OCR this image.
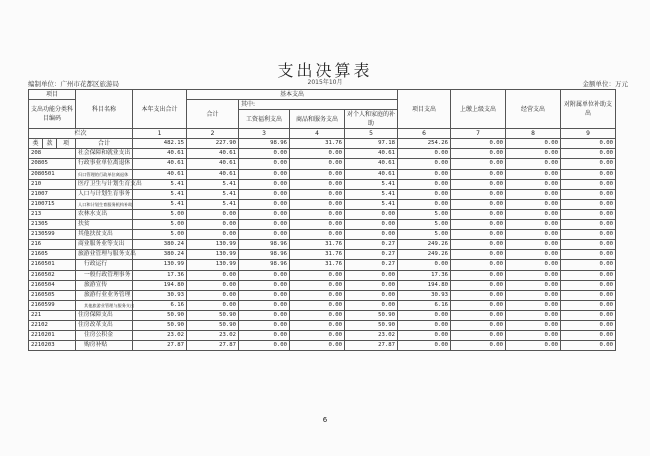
支出决算表
2015年10月
编制单位：广州市花都区旅游局	金额单位：万元
项目			科目名称	本年支出合计	基本支出				项目支出	上缴上级支出	经营支出	对附属单位补助支出
支出功能分类科目编码					合计	其中:						
						工资福利支出	商品和服务支出	对个人和家庭的补助				

栏次				1	2	3	4	5	6	7	8	9
类	款	项	合计	482.15	227.90	98.96	31.76	97.18	254.26	0.00	0.00	0.00
208			社会保障和就业支出	40.61	40.61	0.00	0.00	40.61	0.00	0.00	0.00	0.00
20805			行政事业单位离退休	40.61	40.61	0.00	0.00	40.61	0.00	0.00	0.00	0.00
2080501			归口管理的行政单位离退休	40.61	40.61	0.00	0.00	40.61	0.00	0.00	0.00	0.00
210			医疗卫生与计划生育支出	5.41	5.41	0.00	0.00	5.41	0.00	0.00	0.00	0.00
21007			人口与计划生育事务	5.41	5.41	0.00	0.00	5.41	0.00	0.00	0.00	0.00
2100715			人口和计划生育服务机构补助	5.41	5.41	0.00	0.00	5.41	0.00	0.00	0.00	0.00
213			农林水支出	5.00	0.00	0.00	0.00	0.00	5.00	0.00	0.00	0.00
21305			扶贫	5.00	0.00	0.00	0.00	0.00	5.00	0.00	0.00	0.00
2130599			其他扶贫支出	5.00	0.00	0.00	0.00	0.00	5.00	0.00	0.00	0.00
216			商业服务业等支出	380.24	130.99	98.96	31.76	0.27	249.26	0.00	0.00	0.00
21605			旅游业管理与服务支出	380.24	130.99	98.96	31.76	0.27	249.26	0.00	0.00	0.00
2160501			行政运行	130.99	130.99	98.96	31.76	0.27	0.00	0.00	0.00	0.00
2160502			一般行政管理事务	17.36	0.00	0.00	0.00	0.00	17.36	0.00	0.00	0.00
2160504			旅游宣传	194.80	0.00	0.00	0.00	0.00	194.80	0.00	0.00	0.00
2160505			旅游行业业务管理	30.93	0.00	0.00	0.00	0.00	30.93	0.00	0.00	0.00
2160599			其他旅游业管理与服务支出	6.16	0.00	0.00	0.00	0.00	6.16	0.00	0.00	0.00
221			住房保障支出	50.90	50.90	0.00	0.00	50.90	0.00	0.00	0.00	0.00
22102			住房改革支出	50.90	50.90	0.00	0.00	50.90	0.00	0.00	0.00	0.00
2210201			住房公积金	23.02	23.02	0.00	0.00	23.02	0.00	0.00	0.00	0.00
2210203			购房补贴	27.87	27.87	0.00	0.00	27.87	0.00	0.00	0.00	0.00
6
